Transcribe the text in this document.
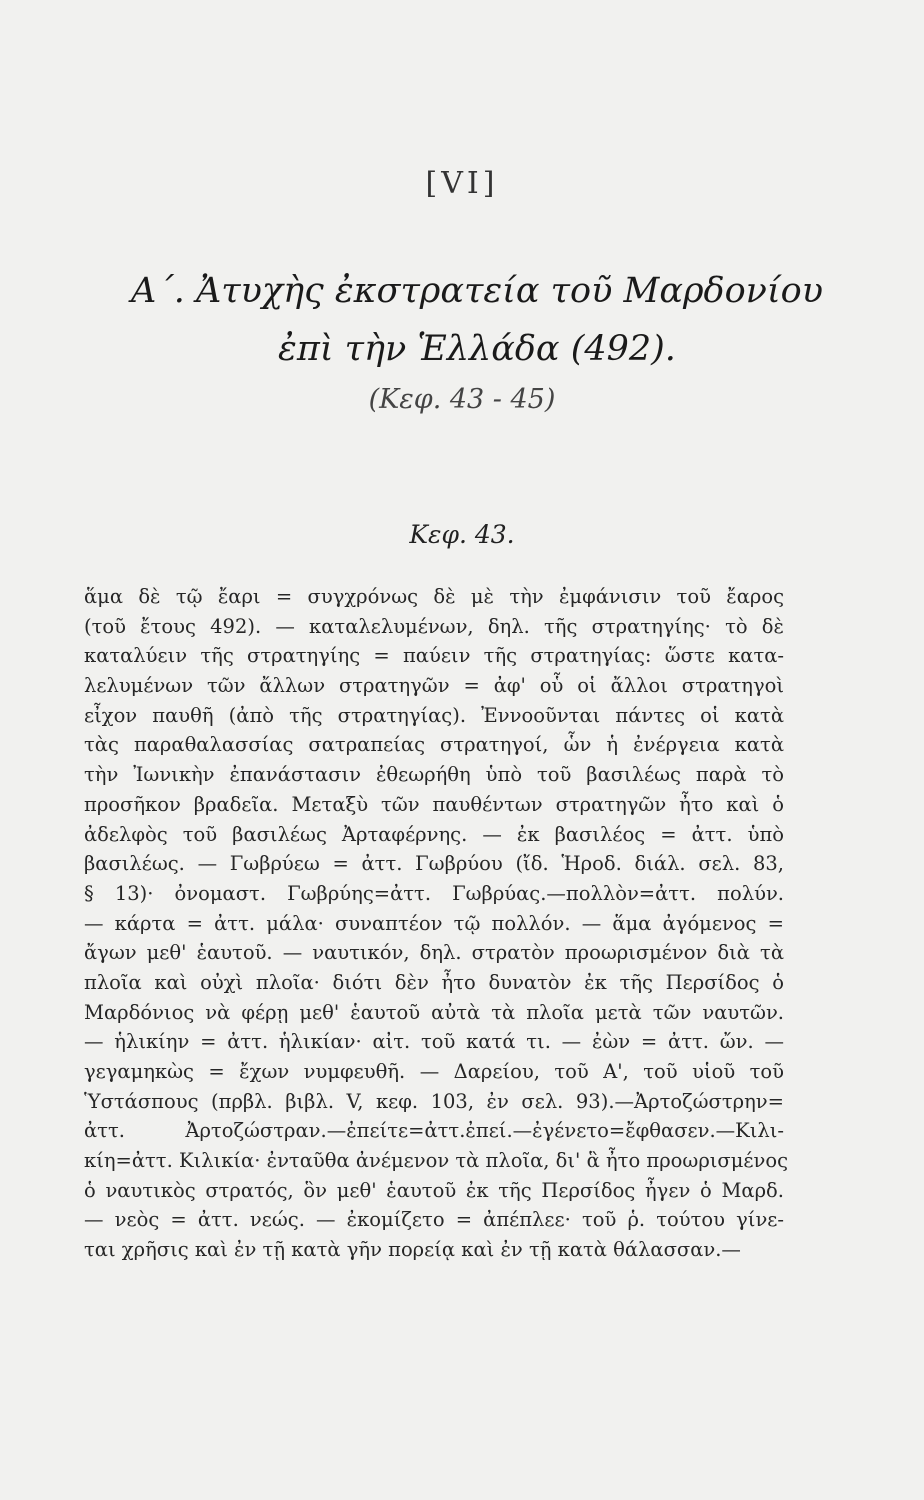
[VI]
Α΄. Ἀτυχὴς ἐκστρατεία τοῦ Μαρδονίου
ἐπὶ τὴν Ἑλλάδα (492).
(Κεφ. 43 - 45)
Κεφ. 43.
ἅμα δὲ τῷ ἔαρι = συγχρόνως δὲ μὲ τὴν ἐμφάνισιν τοῦ ἔαρος
(τοῦ ἔτους 492). — καταλελυμένων, δηλ. τῆς στρατηγίης· τὸ δὲ
καταλύειν τῆς στρατηγίης = παύειν τῆς στρατηγίας: ὥστε κατα-
λελυμένων τῶν ἄλλων στρατηγῶν = ἀφ' οὗ οἱ ἄλλοι στρατηγοὶ
εἶχον παυθῆ (ἀπὸ τῆς στρατηγίας). Ἐννοοῦνται πάντες οἱ κατὰ
τὰς παραθαλασσίας σατραπείας στρατηγοί, ὧν ἡ ἐνέργεια κατὰ
τὴν Ἰωνικὴν ἐπανάστασιν ἐθεωρήθη ὑπὸ τοῦ βασιλέως παρὰ τὸ
προσῆκον βραδεῖα. Μεταξὺ τῶν παυθέντων στρατηγῶν ἦτο καὶ ὁ
ἀδελφὸς τοῦ βασιλέως Ἀρταφέρνης. — ἐκ βασιλέος = ἀττ. ὑπὸ
βασιλέως. — Γωβρύεω = ἀττ. Γωβρύου (ἴδ. Ἡροδ. διάλ. σελ. 83,
§ 13)· ὀνομαστ. Γωβρύης=ἀττ. Γωβρύας.—πολλὸν=ἀττ. πολύν.
— κάρτα = ἀττ. μάλα· συναπτέον τῷ πολλόν. — ἅμα ἀγόμενος =
ἄγων μεθ' ἑαυτοῦ. — ναυτικόν, δηλ. στρατὸν προωρισμένον διὰ τὰ
πλοῖα καὶ οὐχὶ πλοῖα· διότι δὲν ἦτο δυνατὸν ἐκ τῆς Περσίδος ὁ
Μαρδόνιος νὰ φέρῃ μεθ' ἑαυτοῦ αὐτὰ τὰ πλοῖα μετὰ τῶν ναυτῶν.
— ἡλικίην = ἀττ. ἡλικίαν· αἰτ. τοῦ κατά τι. — ἐὼν = ἀττ. ὤν. —
γεγαμηκὼς = ἔχων νυμφευθῆ. — Δαρείου, τοῦ Α', τοῦ υἱοῦ τοῦ
Ὑστάσπους (πρβλ. βιβλ. V, κεφ. 103, ἐν σελ. 93).—Ἀρτοζώστρην=
ἀττ. Ἀρτοζώστραν.—ἐπείτε=ἀττ.ἐπεί.—ἐγένετο=ἔφθασεν.—Κιλι-
κίη=ἀττ. Κιλικία· ἐνταῦθα ἀνέμενον τὰ πλοῖα, δι' ἃ ἦτο προωρισμένος
ὁ ναυτικὸς στρατός, ὃν μεθ' ἑαυτοῦ ἐκ τῆς Περσίδος ἦγεν ὁ Μαρδ.
— νεὸς = ἀττ. νεώς. — ἐκομίζετο = ἀπέπλεε· τοῦ ῥ. τούτου γίνε-
ται χρῆσις καὶ ἐν τῇ κατὰ γῆν πορείᾳ καὶ ἐν τῇ κατὰ θάλασσαν.—
